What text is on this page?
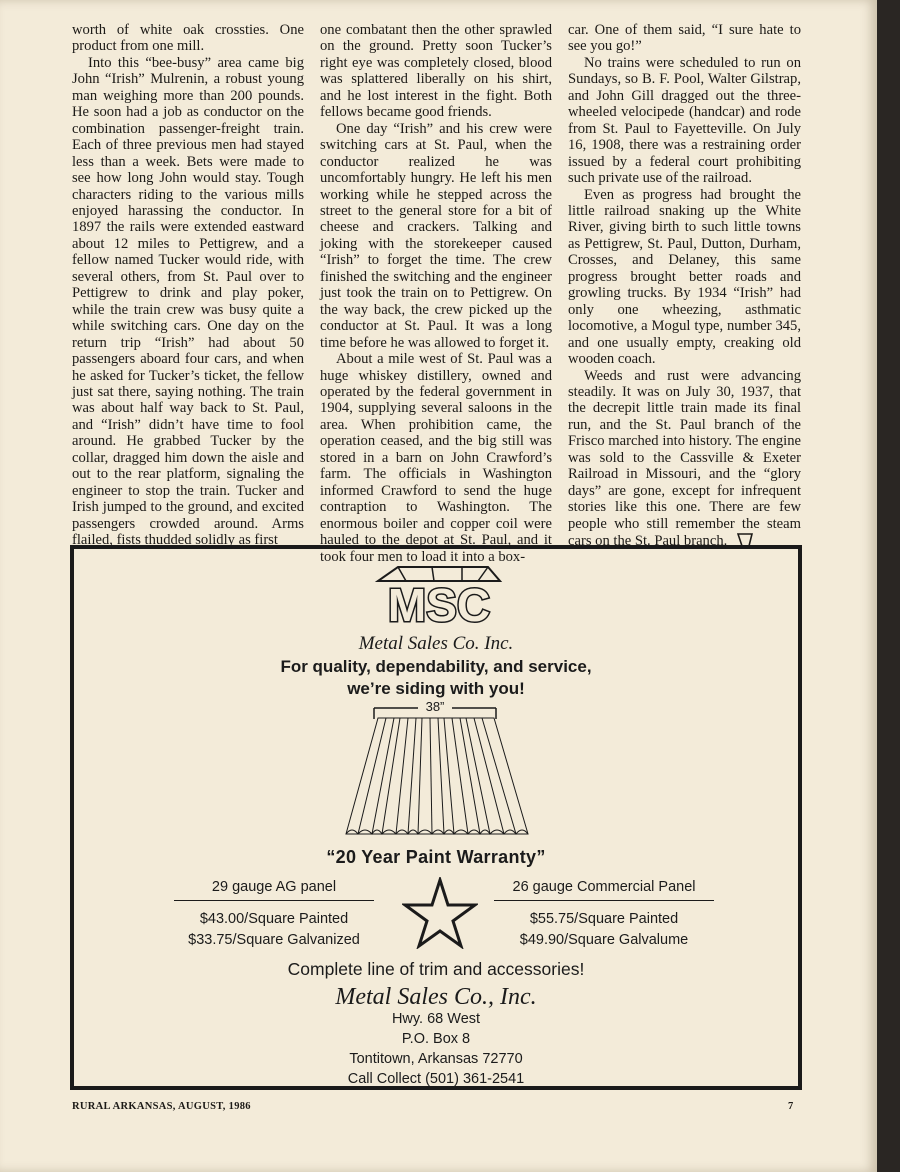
worth of white oak crossties. One product from one mill.

Into this “bee-busy” area came big John “Irish” Mulrenin, a robust young man weighing more than 200 pounds. He soon had a job as conductor on the combination passenger-freight train. Each of three previous men had stayed less than a week. Bets were made to see how long John would stay. Tough characters riding to the various mills enjoyed harassing the conductor. In 1897 the rails were extended eastward about 12 miles to Pettigrew, and a fellow named Tucker would ride, with several others, from St. Paul over to Pettigrew to drink and play poker, while the train crew was busy quite a while switching cars. One day on the return trip “Irish” had about 50 passengers aboard four cars, and when he asked for Tucker’s ticket, the fellow just sat there, saying nothing. The train was about half way back to St. Paul, and “Irish” didn’t have time to fool around. He grabbed Tucker by the collar, dragged him down the aisle and out to the rear platform, signaling the engineer to stop the train. Tucker and Irish jumped to the ground, and excited passengers crowded around. Arms flailed, fists thudded solidly as first

one combatant then the other sprawled on the ground. Pretty soon Tucker’s right eye was completely closed, blood was splattered liberally on his shirt, and he lost interest in the fight. Both fellows became good friends.

One day “Irish” and his crew were switching cars at St. Paul, when the conductor realized he was uncomfortably hungry. He left his men working while he stepped across the street to the general store for a bit of cheese and crackers. Talking and joking with the storekeeper caused “Irish” to forget the time. The crew finished the switching and the engineer just took the train on to Pettigrew. On the way back, the crew picked up the conductor at St. Paul. It was a long time before he was allowed to forget it.

About a mile west of St. Paul was a huge whiskey distillery, owned and operated by the federal government in 1904, supplying several saloons in the area. When prohibition came, the operation ceased, and the big still was stored in a barn on John Crawford’s farm. The officials in Washington informed Crawford to send the huge contraption to Washington. The enormous boiler and copper coil were hauled to the depot at St. Paul, and it took four men to load it into a box-

car. One of them said, “I sure hate to see you go!”

No trains were scheduled to run on Sundays, so B. F. Pool, Walter Gilstrap, and John Gill dragged out the three-wheeled velocipede (handcar) and rode from St. Paul to Fayetteville. On July 16, 1908, there was a restraining order issued by a federal court prohibiting such private use of the railroad.

Even as progress had brought the little railroad snaking up the White River, giving birth to such little towns as Pettigrew, St. Paul, Dutton, Durham, Crosses, and Delaney, this same progress brought better roads and growling trucks. By 1934 “Irish” had only one wheezing, asthmatic locomotive, a Mogul type, number 345, and one usually empty, creaking old wooden coach.

Weeds and rust were advancing steadily. It was on July 30, 1937, that the decrepit little train made its final run, and the St. Paul branch of the Frisco marched into history. The engine was sold to the Cassville & Exeter Railroad in Missouri, and the “glory days” are gone, except for infrequent stories like this one. There are few people who still remember the steam cars on the St. Paul branch.

MSC
Metal Sales Co. Inc.
For quality, dependability, and service,
we’re siding with you!
38”
“20 Year Paint Warranty”
29 gauge AG panel
$43.00/Square Painted
$33.75/Square Galvanized
26 gauge Commercial Panel
$55.75/Square Painted
$49.90/Square Galvalume
Complete line of trim and accessories!
Metal Sales Co., Inc.
Hwy. 68 West
P.O. Box 8
Tontitown, Arkansas 72770
Call Collect (501) 361-2541
RURAL ARKANSAS, AUGUST, 1986	7
